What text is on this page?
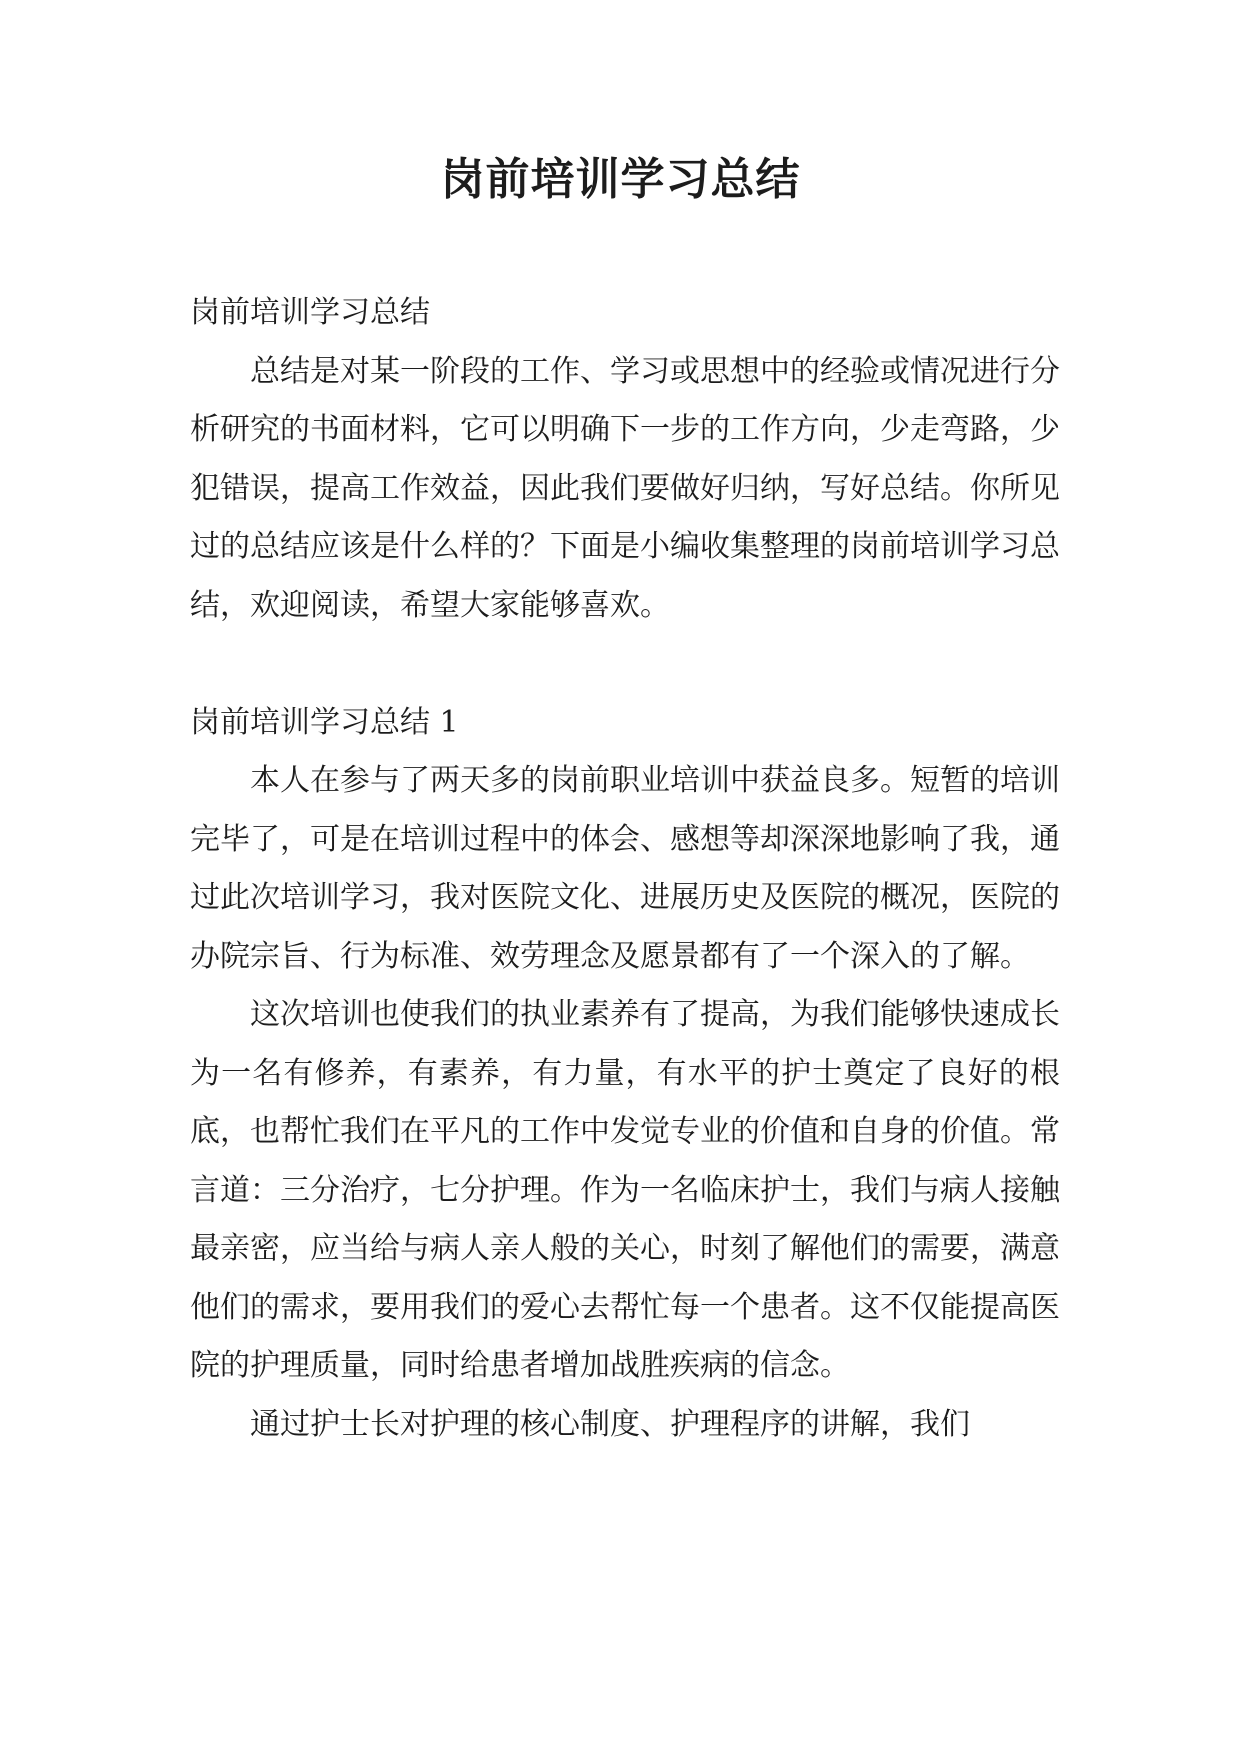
岗前培训学习总结
岗前培训学习总结

总结是对某一阶段的工作、学习或思想中的经验或情况进行分析研究的书面材料，它可以明确下一步的工作方向，少走弯路，少犯错误，提高工作效益，因此我们要做好归纳，写好总结。你所见过的总结应该是什么样的？下面是小编收集整理的岗前培训学习总结，欢迎阅读，希望大家能够喜欢。

岗前培训学习总结 1

本人在参与了两天多的岗前职业培训中获益良多。短暂的培训完毕了，可是在培训过程中的体会、感想等却深深地影响了我，通过此次培训学习，我对医院文化、进展历史及医院的概况，医院的办院宗旨、行为标准、效劳理念及愿景都有了一个深入的了解。

这次培训也使我们的执业素养有了提高，为我们能够快速成长为一名有修养，有素养，有力量，有水平的护士奠定了良好的根底，也帮忙我们在平凡的工作中发觉专业的价值和自身的价值。常言道：三分治疗，七分护理。作为一名临床护士，我们与病人接触最亲密，应当给与病人亲人般的关心，时刻了解他们的需要，满意他们的需求，要用我们的爱心去帮忙每一个患者。这不仅能提高医院的护理质量，同时给患者增加战胜疾病的信念。

通过护士长对护理的核心制度、护理程序的讲解，我们
